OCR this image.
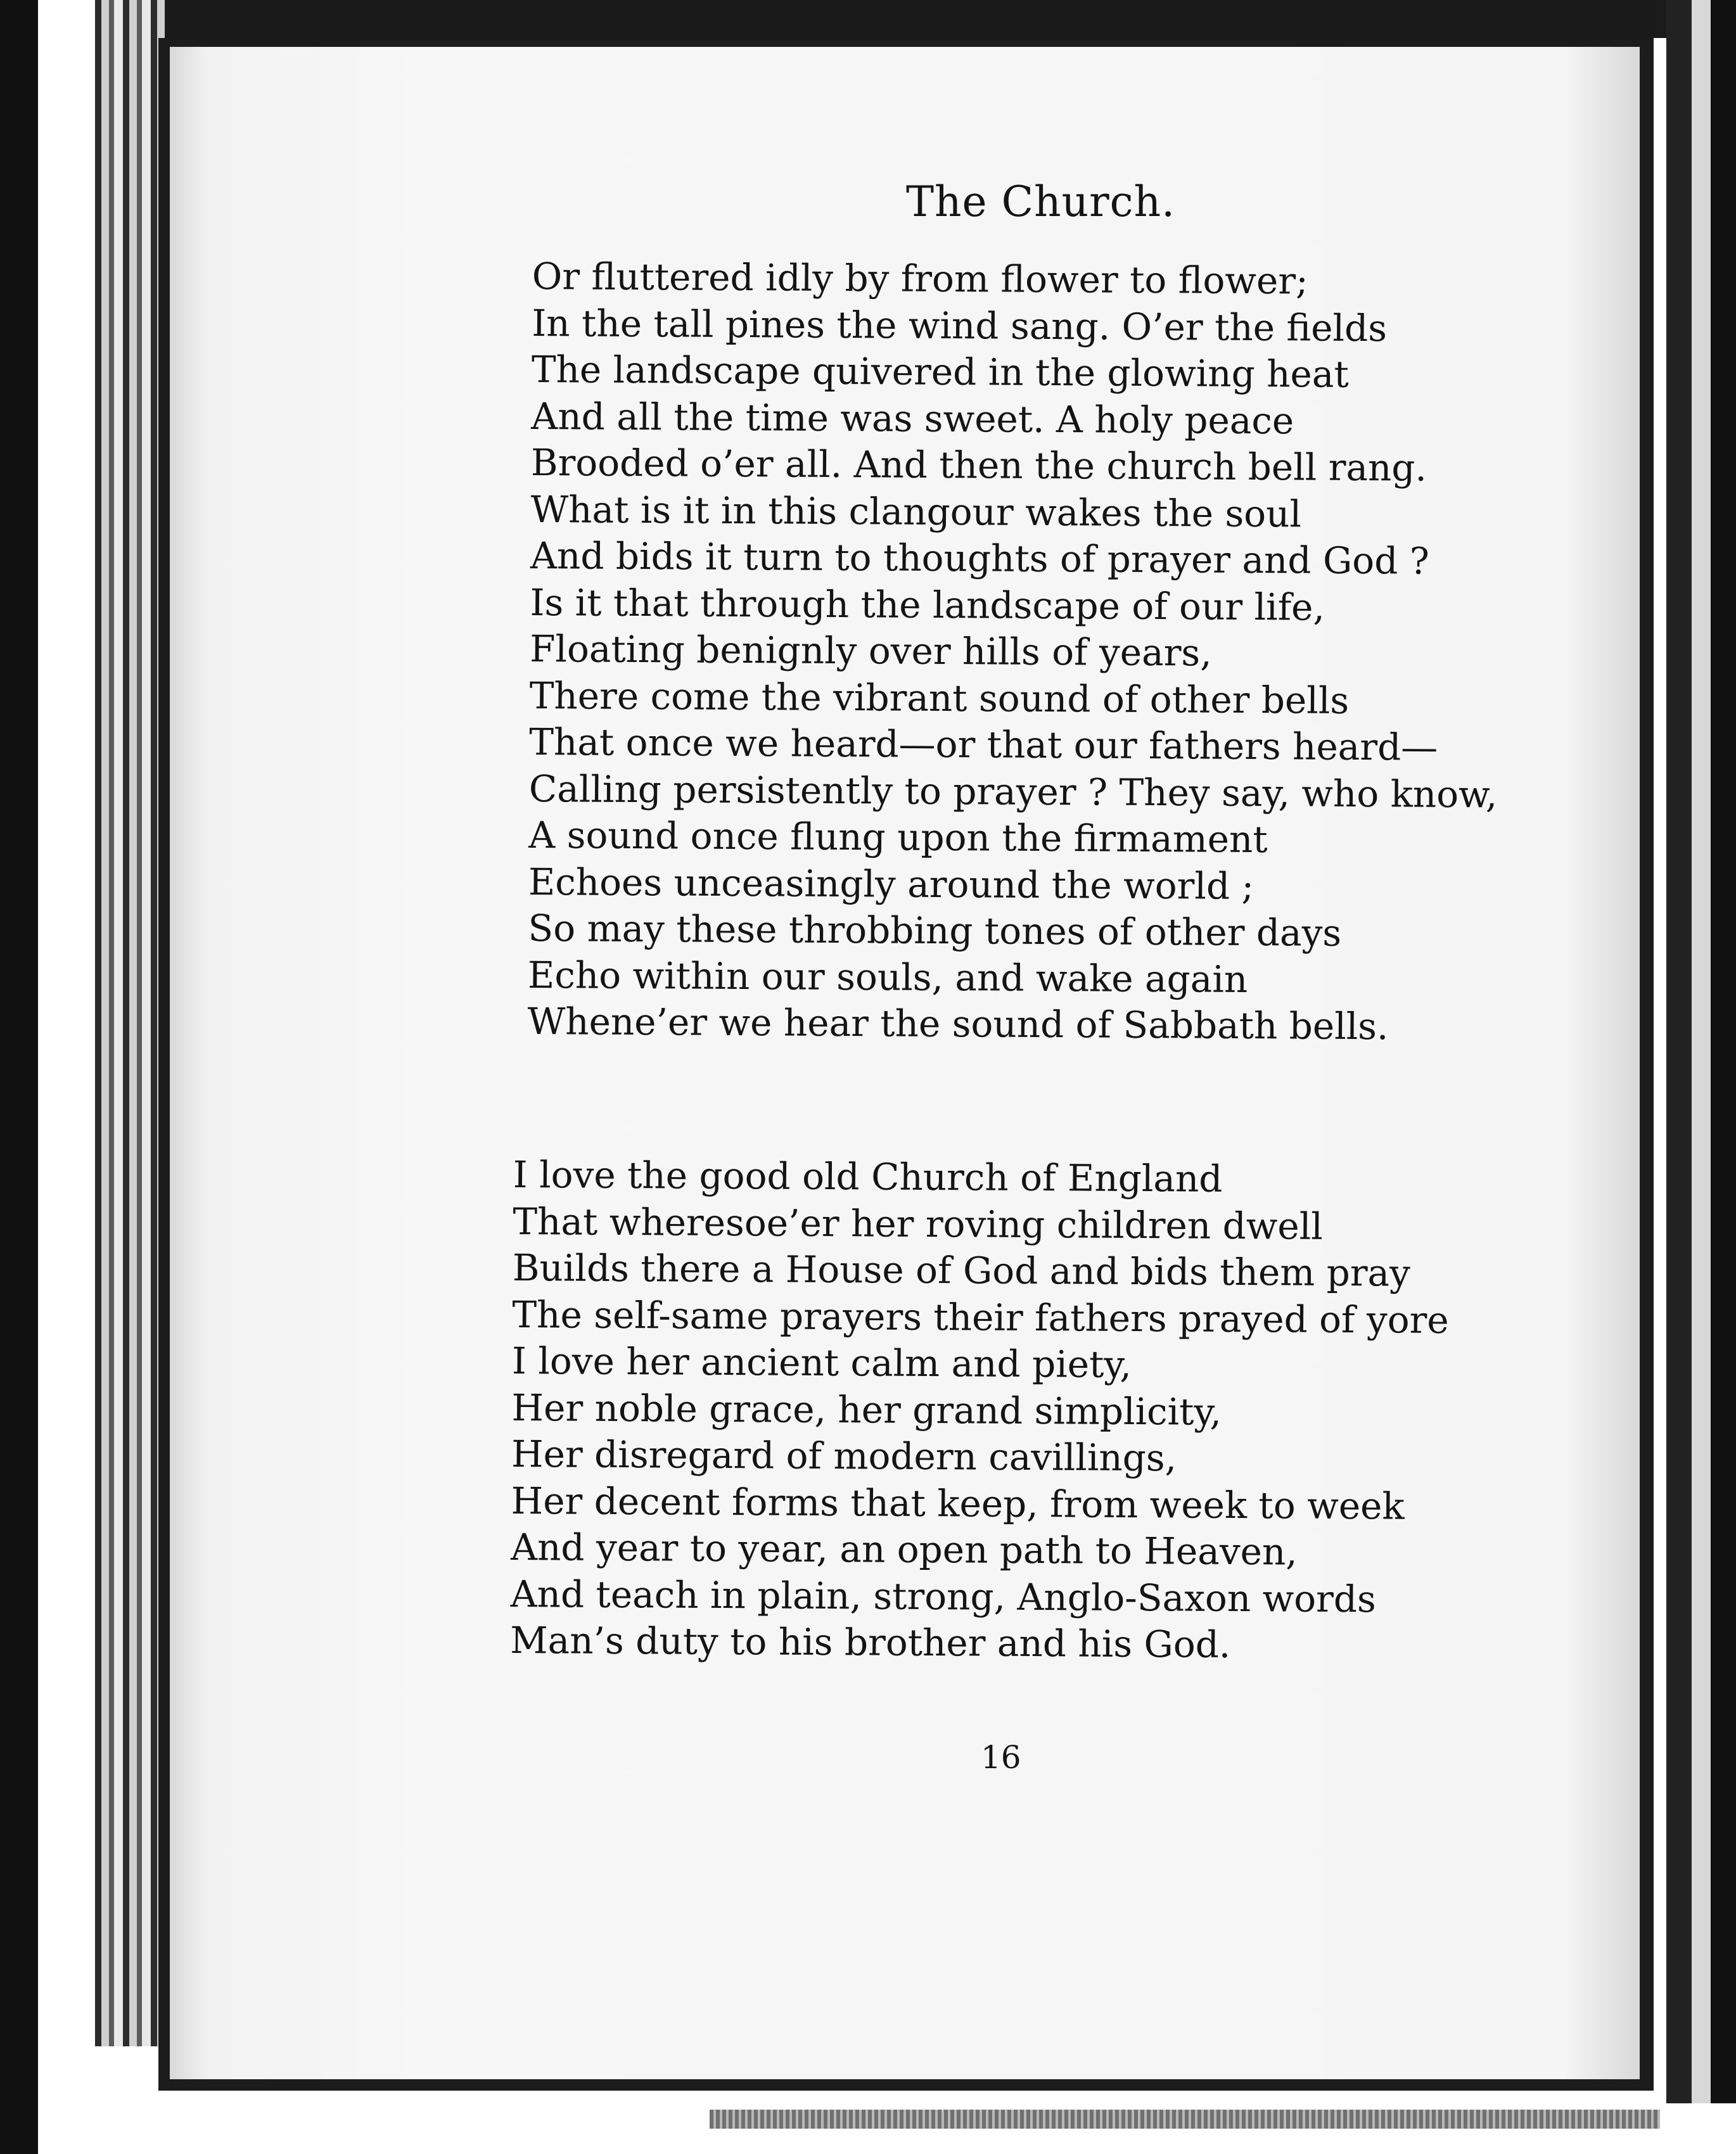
The Church.
Or fluttered idly by from flower to flower;
In the tall pines the wind sang. O’er the fields
The landscape quivered in the glowing heat
And all the time was sweet. A holy peace
Brooded o’er all. And then the church bell rang.
What is it in this clangour wakes the soul
And bids it turn to thoughts of prayer and God ?
Is it that through the landscape of our life,
Floating benignly over hills of years,
There come the vibrant sound of other bells
That once we heard—or that our fathers heard—
Calling persistently to prayer ? They say, who know,
A sound once flung upon the firmament
Echoes unceasingly around the world ;
So may these throbbing tones of other days
Echo within our souls, and wake again
Whene’er we hear the sound of Sabbath bells.
I love the good old Church of England
That wheresoe’er her roving children dwell
Builds there a House of God and bids them pray
The self-same prayers their fathers prayed of yore
I love her ancient calm and piety,
Her noble grace, her grand simplicity,
Her disregard of modern cavillings,
Her decent forms that keep, from week to week
And year to year, an open path to Heaven,
And teach in plain, strong, Anglo-Saxon words
Man’s duty to his brother and his God.
16
